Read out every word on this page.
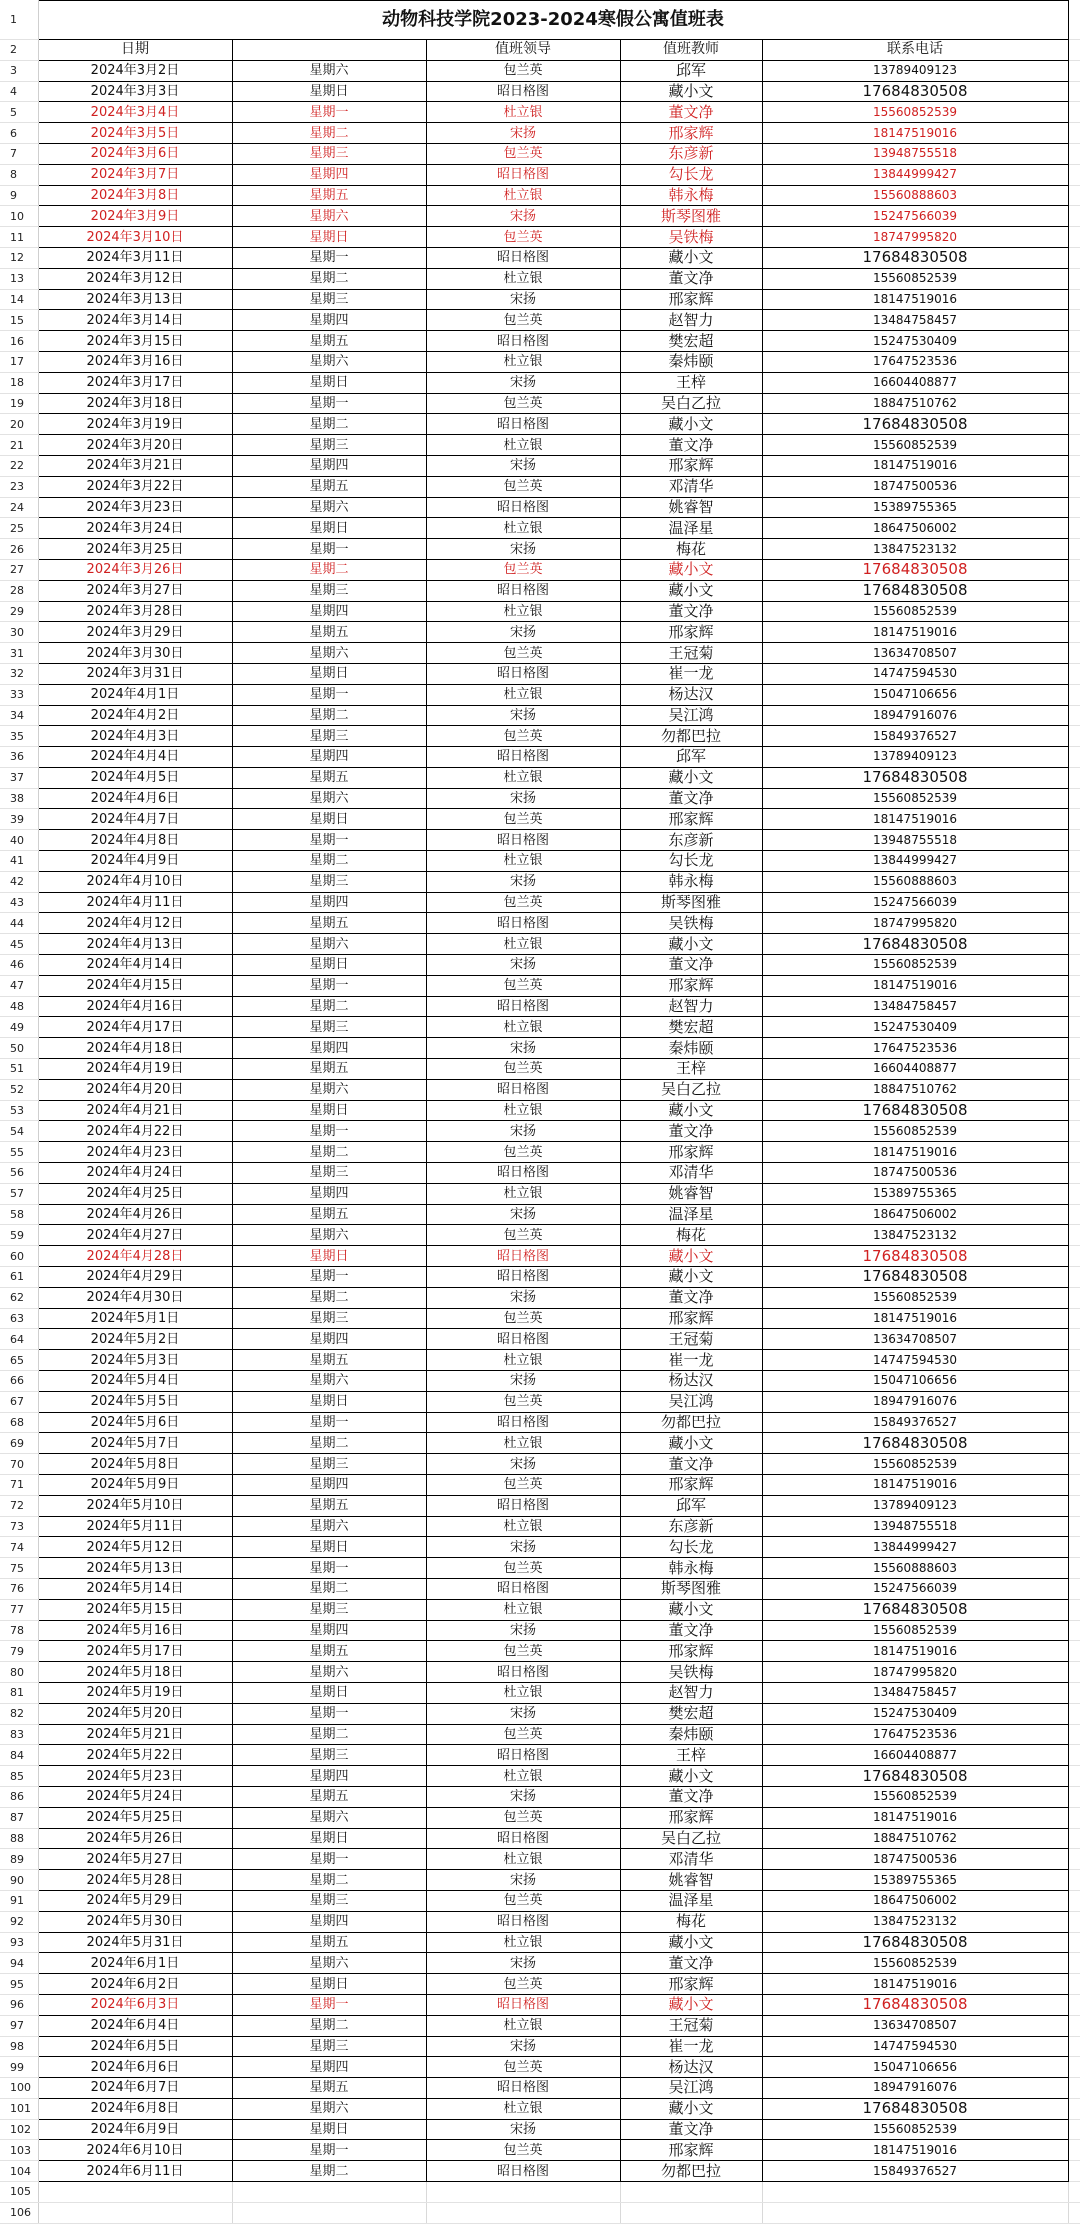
1	动物科技学院2023-2024寒假公寓值班表					
2	日期		值班领导	值班教师	联系电话	
3	2024年3月2日	星期六	包兰英	邱军	13789409123	
4	2024年3月3日	星期日	昭日格图	藏小文	17684830508	
5	2024年3月4日	星期一	杜立银	董文净	15560852539	
6	2024年3月5日	星期二	宋扬	邢家辉	18147519016	
7	2024年3月6日	星期三	包兰英	东彦新	13948755518	
8	2024年3月7日	星期四	昭日格图	勾长龙	13844999427	
9	2024年3月8日	星期五	杜立银	韩永梅	15560888603	
10	2024年3月9日	星期六	宋扬	斯琴图雅	15247566039	
11	2024年3月10日	星期日	包兰英	吴铁梅	18747995820	
12	2024年3月11日	星期一	昭日格图	藏小文	17684830508	
13	2024年3月12日	星期二	杜立银	董文净	15560852539	
14	2024年3月13日	星期三	宋扬	邢家辉	18147519016	
15	2024年3月14日	星期四	包兰英	赵智力	13484758457	
16	2024年3月15日	星期五	昭日格图	樊宏超	15247530409	
17	2024年3月16日	星期六	杜立银	秦炜颐	17647523536	
18	2024年3月17日	星期日	宋扬	王梓	16604408877	
19	2024年3月18日	星期一	包兰英	吴白乙拉	18847510762	
20	2024年3月19日	星期二	昭日格图	藏小文	17684830508	
21	2024年3月20日	星期三	杜立银	董文净	15560852539	
22	2024年3月21日	星期四	宋扬	邢家辉	18147519016	
23	2024年3月22日	星期五	包兰英	邓清华	18747500536	
24	2024年3月23日	星期六	昭日格图	姚睿智	15389755365	
25	2024年3月24日	星期日	杜立银	温泽星	18647506002	
26	2024年3月25日	星期一	宋扬	梅花	13847523132	
27	2024年3月26日	星期二	包兰英	藏小文	17684830508	
28	2024年3月27日	星期三	昭日格图	藏小文	17684830508	
29	2024年3月28日	星期四	杜立银	董文净	15560852539	
30	2024年3月29日	星期五	宋扬	邢家辉	18147519016	
31	2024年3月30日	星期六	包兰英	王冠菊	13634708507	
32	2024年3月31日	星期日	昭日格图	崔一龙	14747594530	
33	2024年4月1日	星期一	杜立银	杨达汉	15047106656	
34	2024年4月2日	星期二	宋扬	吴江鸿	18947916076	
35	2024年4月3日	星期三	包兰英	勿都巴拉	15849376527	
36	2024年4月4日	星期四	昭日格图	邱军	13789409123	
37	2024年4月5日	星期五	杜立银	藏小文	17684830508	
38	2024年4月6日	星期六	宋扬	董文净	15560852539	
39	2024年4月7日	星期日	包兰英	邢家辉	18147519016	
40	2024年4月8日	星期一	昭日格图	东彦新	13948755518	
41	2024年4月9日	星期二	杜立银	勾长龙	13844999427	
42	2024年4月10日	星期三	宋扬	韩永梅	15560888603	
43	2024年4月11日	星期四	包兰英	斯琴图雅	15247566039	
44	2024年4月12日	星期五	昭日格图	吴铁梅	18747995820	
45	2024年4月13日	星期六	杜立银	藏小文	17684830508	
46	2024年4月14日	星期日	宋扬	董文净	15560852539	
47	2024年4月15日	星期一	包兰英	邢家辉	18147519016	
48	2024年4月16日	星期二	昭日格图	赵智力	13484758457	
49	2024年4月17日	星期三	杜立银	樊宏超	15247530409	
50	2024年4月18日	星期四	宋扬	秦炜颐	17647523536	
51	2024年4月19日	星期五	包兰英	王梓	16604408877	
52	2024年4月20日	星期六	昭日格图	吴白乙拉	18847510762	
53	2024年4月21日	星期日	杜立银	藏小文	17684830508	
54	2024年4月22日	星期一	宋扬	董文净	15560852539	
55	2024年4月23日	星期二	包兰英	邢家辉	18147519016	
56	2024年4月24日	星期三	昭日格图	邓清华	18747500536	
57	2024年4月25日	星期四	杜立银	姚睿智	15389755365	
58	2024年4月26日	星期五	宋扬	温泽星	18647506002	
59	2024年4月27日	星期六	包兰英	梅花	13847523132	
60	2024年4月28日	星期日	昭日格图	藏小文	17684830508	
61	2024年4月29日	星期一	昭日格图	藏小文	17684830508	
62	2024年4月30日	星期二	宋扬	董文净	15560852539	
63	2024年5月1日	星期三	包兰英	邢家辉	18147519016	
64	2024年5月2日	星期四	昭日格图	王冠菊	13634708507	
65	2024年5月3日	星期五	杜立银	崔一龙	14747594530	
66	2024年5月4日	星期六	宋扬	杨达汉	15047106656	
67	2024年5月5日	星期日	包兰英	吴江鸿	18947916076	
68	2024年5月6日	星期一	昭日格图	勿都巴拉	15849376527	
69	2024年5月7日	星期二	杜立银	藏小文	17684830508	
70	2024年5月8日	星期三	宋扬	董文净	15560852539	
71	2024年5月9日	星期四	包兰英	邢家辉	18147519016	
72	2024年5月10日	星期五	昭日格图	邱军	13789409123	
73	2024年5月11日	星期六	杜立银	东彦新	13948755518	
74	2024年5月12日	星期日	宋扬	勾长龙	13844999427	
75	2024年5月13日	星期一	包兰英	韩永梅	15560888603	
76	2024年5月14日	星期二	昭日格图	斯琴图雅	15247566039	
77	2024年5月15日	星期三	杜立银	藏小文	17684830508	
78	2024年5月16日	星期四	宋扬	董文净	15560852539	
79	2024年5月17日	星期五	包兰英	邢家辉	18147519016	
80	2024年5月18日	星期六	昭日格图	吴铁梅	18747995820	
81	2024年5月19日	星期日	杜立银	赵智力	13484758457	
82	2024年5月20日	星期一	宋扬	樊宏超	15247530409	
83	2024年5月21日	星期二	包兰英	秦炜颐	17647523536	
84	2024年5月22日	星期三	昭日格图	王梓	16604408877	
85	2024年5月23日	星期四	杜立银	藏小文	17684830508	
86	2024年5月24日	星期五	宋扬	董文净	15560852539	
87	2024年5月25日	星期六	包兰英	邢家辉	18147519016	
88	2024年5月26日	星期日	昭日格图	吴白乙拉	18847510762	
89	2024年5月27日	星期一	杜立银	邓清华	18747500536	
90	2024年5月28日	星期二	宋扬	姚睿智	15389755365	
91	2024年5月29日	星期三	包兰英	温泽星	18647506002	
92	2024年5月30日	星期四	昭日格图	梅花	13847523132	
93	2024年5月31日	星期五	杜立银	藏小文	17684830508	
94	2024年6月1日	星期六	宋扬	董文净	15560852539	
95	2024年6月2日	星期日	包兰英	邢家辉	18147519016	
96	2024年6月3日	星期一	昭日格图	藏小文	17684830508	
97	2024年6月4日	星期二	杜立银	王冠菊	13634708507	
98	2024年6月5日	星期三	宋扬	崔一龙	14747594530	
99	2024年6月6日	星期四	包兰英	杨达汉	15047106656	
100	2024年6月7日	星期五	昭日格图	吴江鸿	18947916076	
101	2024年6月8日	星期六	杜立银	藏小文	17684830508	
102	2024年6月9日	星期日	宋扬	董文净	15560852539	
103	2024年6月10日	星期一	包兰英	邢家辉	18147519016	
104	2024年6月11日	星期二	昭日格图	勿都巴拉	15849376527	
105						
106						
